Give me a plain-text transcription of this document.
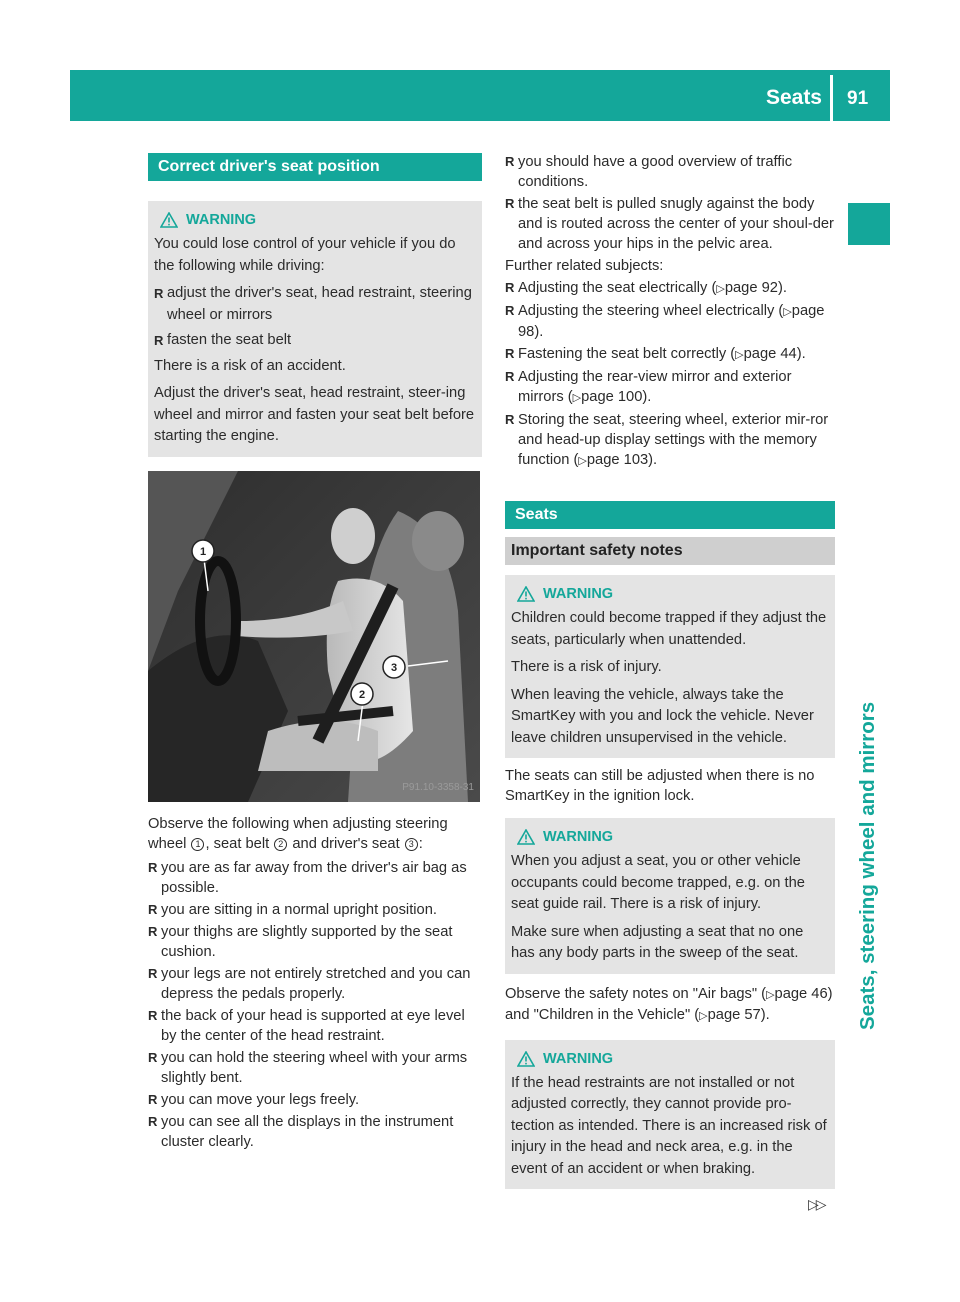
Seats 91
Seats, steering wheel and mirrors
Correct driver's seat position
WARNING

You could lose control of your vehicle if you do the following while driving:

R adjust the driver's seat, head restraint, steering wheel or mirrors
R fasten the seat belt

There is a risk of an accident.

Adjust the driver's seat, head restraint, steer-ing wheel and mirror and fasten your seat belt before starting the engine.

1
3
2
P91.10-3358-31

Observe the following when adjusting steering wheel 1 , seat belt 2 and driver's seat 3 :

R you are as far away from the driver's air bag as possible.
R you are sitting in a normal upright position.
R your thighs are slightly supported by the seat cushion.
R your legs are not entirely stretched and you can depress the pedals properly.
R the back of your head is supported at eye level by the center of the head restraint.
R you can hold the steering wheel with your arms slightly bent.
R you can move your legs freely.
R you can see all the displays in the instrument cluster clearly.
R you should have a good overview of traffic conditions.
R the seat belt is pulled snugly against the body and is routed across the center of your shoul-der and across your hips in the pelvic area.

Further related subjects:

R Adjusting the seat electrically (▷page 92).
R Adjusting the steering wheel electrically (▷page 98).
R Fastening the seat belt correctly (▷page 44).
R Adjusting the rear-view mirror and exterior mirrors (▷page 100).
R Storing the seat, steering wheel, exterior mir-ror and head-up display settings with the memory function (▷page 103).
Seats
Important safety notes
WARNING

Children could become trapped if they adjust the seats, particularly when unattended.

There is a risk of injury.

When leaving the vehicle, always take the SmartKey with you and lock the vehicle. Never leave children unsupervised in the vehicle.

The seats can still be adjusted when there is no SmartKey in the ignition lock.

WARNING

When you adjust a seat, you or other vehicle occupants could become trapped, e.g. on the seat guide rail. There is a risk of injury.

Make sure when adjusting a seat that no one has any body parts in the sweep of the seat.

Observe the safety notes on "Air bags" (▷page 46) and "Children in the Vehicle" (▷page 57).

WARNING

If the head restraints are not installed or not adjusted correctly, they cannot provide pro-tection as intended. There is an increased risk of injury in the head and neck area, e.g. in the event of an accident or when braking.

▷▷
